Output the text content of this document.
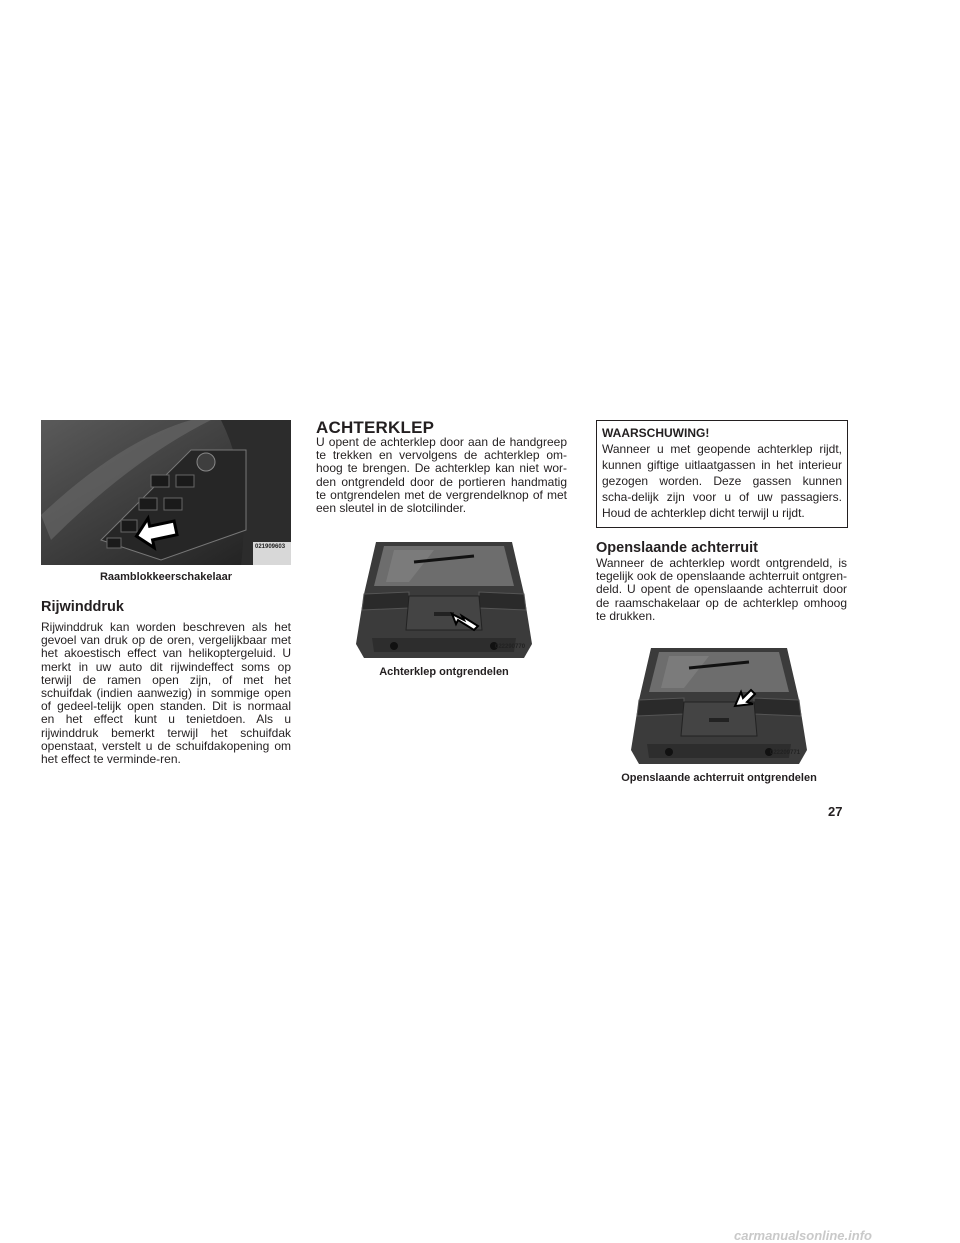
021909603
Raamblokkeerschakelaar
Rijwinddruk

Rijwinddruk kan worden beschreven als het gevoel van druk op de oren, vergelijkbaar met het akoestisch effect van helikoptergeluid. U merkt in uw auto dit rijwindeffect soms op terwijl de ramen open zijn, of met het schuifdak (indien aanwezig) in sommige open of gedeel-telijk open standen. Dit is normaal en het effect kunt u tenietdoen. Als u rijwinddruk bemerkt terwijl het schuifdak openstaat, verstelt u de schuifdakopening om het effect te verminde-ren.

ACHTERKLEP

U opent de achterklep door aan de handgreep te trekken en vervolgens de achterklep om-hoog te brengen. De achterklep kan niet wor-den ontgrendeld door de portieren handmatig te ontgrendelen met de vergrendelknop of met een sleutel in de slotcilinder.

022290770
Achterklep ontgrendelen
WAARSCHUWING!

Wanneer u met geopende achterklep rijdt, kunnen giftige uitlaatgassen in het interieur gezogen worden. Deze gassen kunnen scha-delijk zijn voor u of uw passagiers. Houd de achterklep dicht terwijl u rijdt.

Openslaande achterruit

Wanneer de achterklep wordt ontgrendeld, is tegelijk ook de openslaande achterruit ontgren-deld. U opent de openslaande achterruit door de raamschakelaar op de achterklep omhoog te drukken.

022209771
Openslaande achterruit ontgrendelen
27
carmanualsonline.info
